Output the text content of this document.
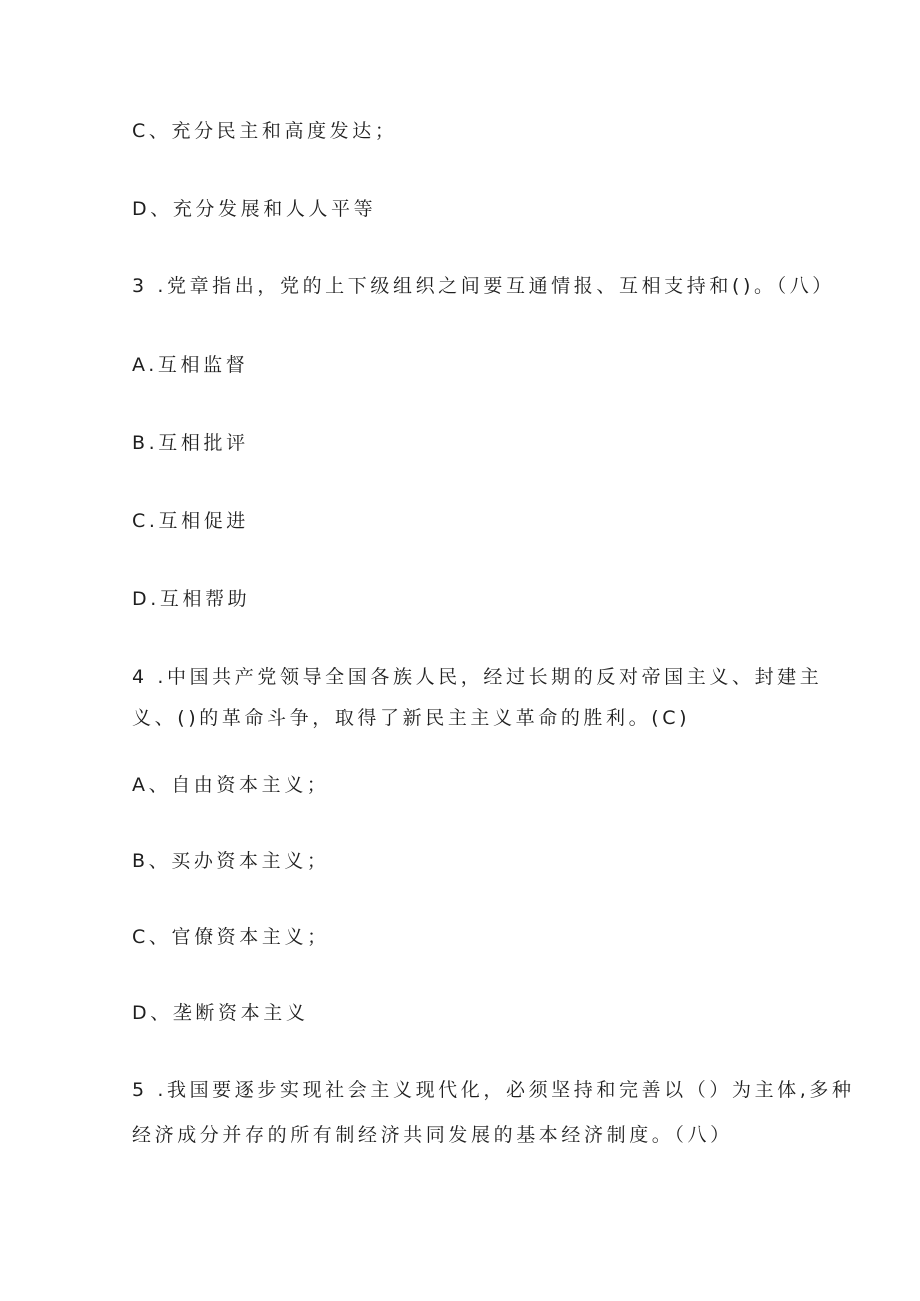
C、充分民主和高度发达；

D、充分发展和人人平等

3 .党章指出，党的上下级组织之间要互通情报、互相支持和()。（八）

A.互相监督

B.互相批评

C.互相促进

D.互相帮助

4 .中国共产党领导全国各族人民，经过长期的反对帝国主义、封建主

义、()的革命斗争，取得了新民主主义革命的胜利。(C)

A、自由资本主义；

B、买办资本主义；

C、官僚资本主义；

D、垄断资本主义

5 .我国要逐步实现社会主义现代化，必须坚持和完善以（）为主体,多种

经济成分并存的所有制经济共同发展的基本经济制度。（八）
